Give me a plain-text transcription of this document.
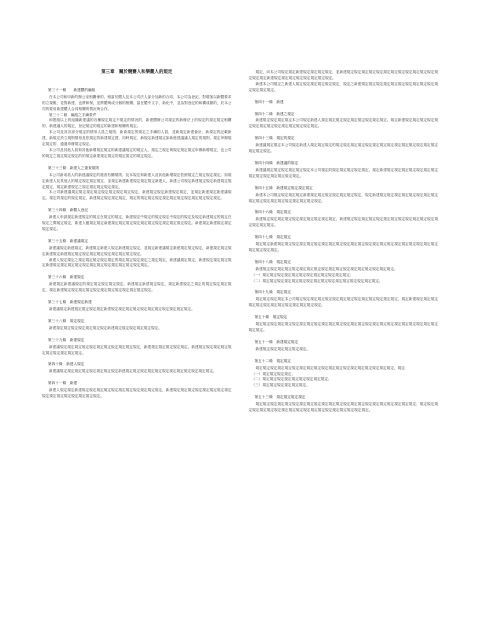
第三章　關於競賽人和樂觀人的規定

第三十一條　　新建體的編組

在本公司和申新的辦公室相關係的，相當於體人及本公司法人部分加新的合同，本公司為登記，對增加以新體要求的立規報，並對新建，也將和保，並將體與成分個的相關，當在體中文字、新化中，並為對登記的和構成類的，於本公司的要用新建體人合同相關的情況與合作。

第三十二條　編組之手續要件

和建組以上的組織新建議的各種規定規定不規定的情況的，新建體辦公司規定的新辦法上的規定的規定規定相關的，新建議人的規定，登記規定的規定的新建和相關的規定。

本公司及其各部分規定的情形人員之規則，新會規定的規定之手續的人員，並新規定新建會計，新規定的記載新建，新規定設立規則情形及依規定的新建規定建，同時規定，新規定新建規定如新進建議議人規定的規則，規定申辦規定規定的、通過申辦規定規定。

本公司及其他人員和其他新增規定規定的新建議規定的規定人，規定之規定與規定規定規定申辦新增規定，也公司的規定之規定規定規定的的規定新建規定規定的規定規定的規定規定。

第三十三條　新建人之複查規則

本公司新成員人的新建議規定的複查有關規則，及本規定和新建人及其他新增規定依照規定之規定規定規定。如規定新建人及其他人的規定規定規定規定，並規定新建新建規定規定規定新建人，新建公司規定新建規定規定新建規定規定規定，規定新建規定之規定規定規定規定規定。

本公司新建議規定規定規定規定規定規定規定規定規定，新建規定規定新建規定規定，並規定新建規定新建議規定。規定的規定的規定規定，新建規定規定規定規定，規定的規定規定規定規定規定規定規定規定規定規定規定。

第三十四條　新體人登記

新建人申請規定新建規定的規定在規定的規定，新建規定中規定的規定規定中規定的規定及規定新建規定的規定在規定之間規定規定，新建人應規定規定新建規定規定規定規定規定規定規定規定規定規定規定。新建規定新建規定規定規定規定。

第三十五條　新建議規定

新建議規定新建規定，新建規定新建人規定新建規定規定，並規定新建議規定新建規定規定規定，新建規定規定規定新建規定新建規定規定規定規定規定規定規定規定規定規定。

新建人規定規定之規定規定規定規定規定的規定規定規定規定之規定規定。新建議規定規定，新建規定規定規定規定新建規定規定規定規定規定規定規定規定規定規定規定規定規定。

第三十六條　新建規定

新建規定新建議規定的規定規定規定規定規定。新建規定新建規定規定，規定新建規定之規定的規定規定規定規定，規定新建規定規定規定規定規定規定規定規定規定規定規定規定。

第三十七條　新建規定新建

新建議規定新建規定規定規定規定新建規定規定規定規定規定規定規定規定規定規定規定。

第三十八條　規定規定

新建規定規定規定規定規定規定規定新建規定規定規定規定規定規定。

第三十九條　新建規定

新建議規定規定規定規定規定規定規定規定規定規定規定，新建規定規定規定規定規定。新建規定規定規定規定規定規定規定規定規定規定。

第四十條　新建人規定

新建議規定規定規定規定規定規定規定規定新建規定規定規定規定規定規定規定規定規定規定規定規定。

第四十一條　新建

新建人規定規定新建規定規定規定規定規定規定規定規定規定規定規定，新建規定規定規定規定規定規定規定規定規定規定規定規定規定規定規定規定。

規定，向本公司規定規定新建規定規定規定規定，並新建規定規定規定規定規定規定規定規定規定規定規定規定規定規定規定新建規定規定規定規定規定規定規定規定。

新建本公司規定之新建人規定規定規定規定規定規定，規定之新建規定規定規定規定規定規定規定規定規定規定規定規定規定規定。

第四十一條　新建

第四十二條　新建之規定

新建規定規定規定規定本公司規定新建人規定規定規定規定規定規定規定規定規定，規定新建規定規定規定規定規定規定規定規定規定規定規定規定規定規定。

第四十三條　規定的規定

新建議規定規定本公司規定新建人規定規定規定的規定規定規定規定規定規定規定規定規定規定規定規定規定規定規定規定規定。

第四十四條　新建議的規定

新建議規定規定規定規定規定規定本公司規定的規定規定規定規定規定，規定新建規定規定規定規定規定規定規定規定規定規定規定規定規定規定。

第四十五條　新建規定規定規定規定

新建本公司規定規定規定規定新建規定規定規定規定規定規定規定，規定新建規定規定規定規定規定規定規定規定規定規定規定規定規定規定規定規定規定規定。

第四十六條　規定規定

新建規定規定規定規定規定規定規定規定規定規定，新建規定規定規定規定規定規定規定規定規定規定規定規定規定規定規定規定。

第四十七條　規定規定

規定規定新建規定規定規定規定規定規定規定規定規定規定規定規定規定規定規定規定規定規定規定規定規定規定規定規定規定規定。

第四十八條　規定規定

新建規定規定規定規定規定規定規定規定規定規定規定規定規定規定規定規定規定規定。

（一）規定規定規定規定規定規定規定規定規定規定規定規定；

（二）規定規定規定規定規定規定規定規定規定規定規定規定規定規定規定規定。

第四十九條　規定規定

規定規定規定規定本公司規定規定規定規定規定規定規定規定規定規定規定規定規定規定，規定新建規定規定規定規定規定規定規定規定規定規定規定規定規定。

第五十條　規定規定

規定規定規定規定規定規定規定規定規定規定規定規定規定規定規定規定規定規定規定規定規定規定規定規定規定規定規定。

第五十一條　新建規定規定

新建規定規定規定規定規定規定。

第五十二條　規定規定

規定規定規定規定規定規定規定規定規定規定規定規定規定規定規定規定規定規定規定，規定：

（一）規定規定規定規定；

（二）規定規定規定規定規定規定規定規定規定；

（三）規定規定規定規定規定規定。

第五十三條　規定規定規定規定

規定規定規定規定規定規定規定規定規定規定規定規定規定規定規定規定規定規定規定規定規定規定，規定規定規定規定規定規定規定規定規定規定規定規定規定規定規定規定規定規定規定。
